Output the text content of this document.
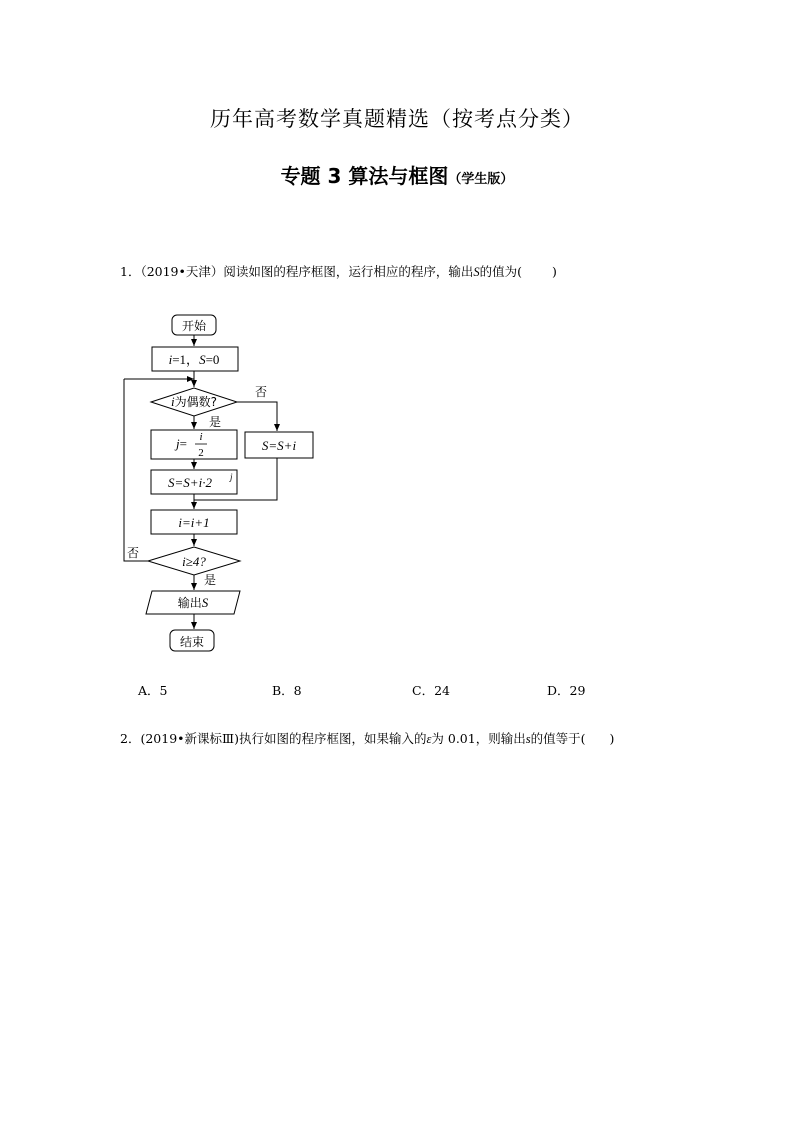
历年高考数学真题精选（按考点分类）
专题 3 算法与框图（学生版）
1．（2019•天津）阅读如图的程序框图，运行相应的程序，输出S的值为( )
开始
i=1，S=0
i为偶数?
否
是
j= i
2	S=S+i
S=S+i·2 j
i=i+1
i≥4?
否
是
输出S
结束
A．5	B．8	C．24	D．29
2．(2019•新课标Ⅲ)执行如图的程序框图，如果输入的ε为 0.01，则输出s的值等于( )
